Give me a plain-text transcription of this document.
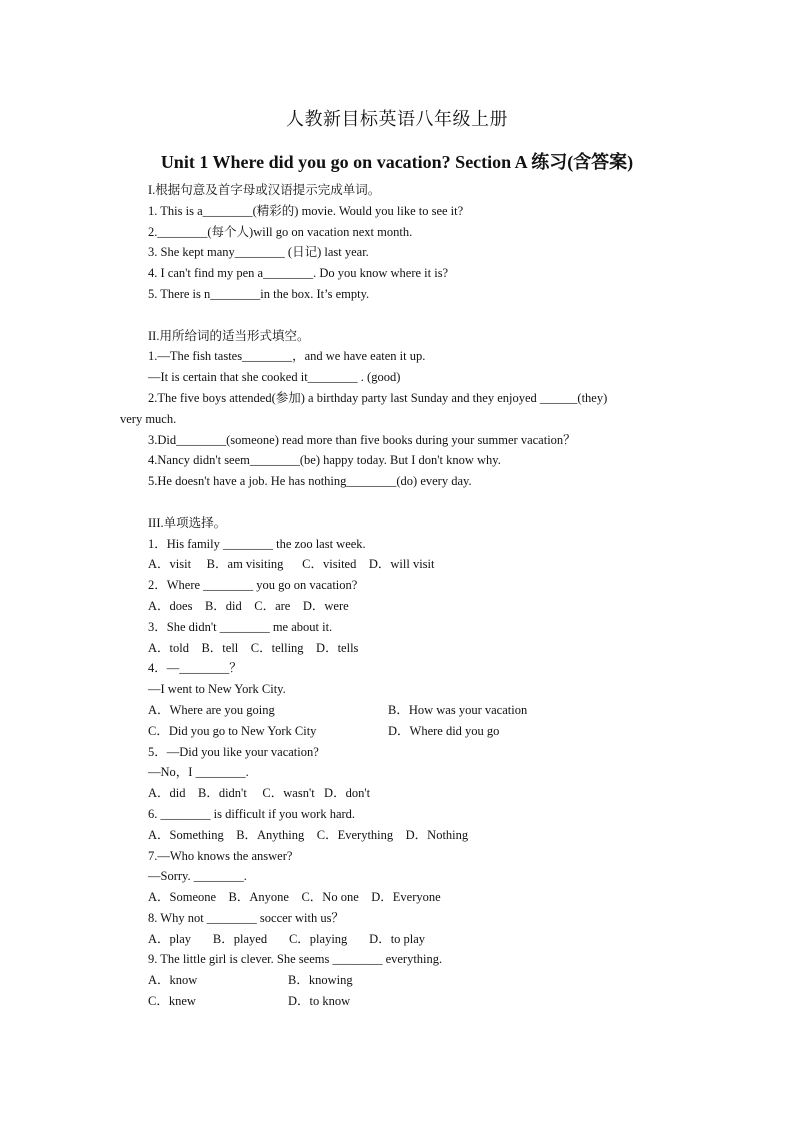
人教新目标英语八年级上册
Unit 1 Where did you go on vacation? Section A 练习(含答案)
I.根据句意及首字母或汉语提示完成单词。
1. This is a________(精彩的) movie. Would you like to see it?
2.________(每个人)will go on vacation next month.
3. She kept many________ (日记) last year.
4. I can't find my pen a________. Do you know where it is?
5. There is n________in the box. It’s empty.
II.用所给词的适当形式填空。
1.—The fish tastes________，and we have eaten it up.
—It is certain that she cooked it________ . (good)
2.The five boys attended(参加) a birthday party last Sunday and they enjoyed ______(they)
very much.
3.Did________(someone) read more than five books during your summer vacation？
4.Nancy didn't seem________(be) happy today. But I don't know why.
5.He doesn't have a job. He has nothing________(do) every day.
III.单项选择。
1．His family ________ the zoo last week.
A．visit     B．am visiting      C．visited    D．will visit
2．Where ________ you go on vacation?
A．does    B．did    C．are    D．were
3．She didn't ________ me about it.
A．told    B．tell    C．telling    D．tells
4．—________？
—I went to New York City.
A．Where are you going	B．How was your vacation
C．Did you go to New York City	D．Where did you go
5．—Did you like your vacation?
—No，I ________.
A．did    B．didn't     C．wasn't   D．don't
6. ________ is difficult if you work hard.
A．Something    B．Anything    C．Everything    D．Nothing
7.—Who knows the answer?
—Sorry. ________.
A．Someone    B．Anyone    C．No one    D．Everyone
8. Why not ________ soccer with us？
A．play       B．played       C．playing       D．to play
9. The little girl is clever. She seems ________ everything.
A．know	B．knowing
C．knew	D．to know
